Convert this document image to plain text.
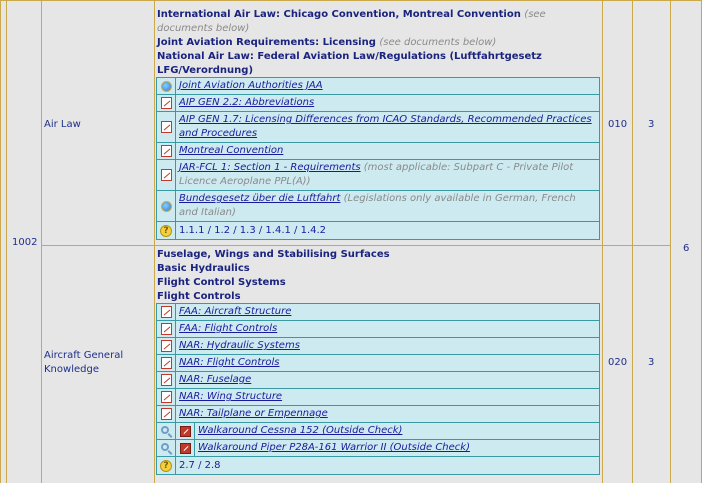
1002
Air Law
Aircraft General Knowledge
010
020
3
3
6
International Air Law: Chicago Convention, Montreal Convention (see documents below)
Joint Aviation Requirements: Licensing (see documents below)
National Air Law: Federal Aviation Law/Regulations (Luftfahrtgesetz LFG/Verordnung)
Joint Aviation Authorities JAA
AIP GEN 2.2: Abbreviations
AIP GEN 1.7: Licensing Differences from ICAO Standards, Recommended Practices and Procedures
Montreal Convention
JAR-FCL 1: Section 1 - Requirements (most applicable: Subpart C - Private Pilot Licence Aeroplane PPL(A))
Bundesgesetz über die Luftfahrt (Legislations only available in German, French and Italian)
?	1.1.1 / 1.2 / 1.3 / 1.4.1 / 1.4.2
Fuselage, Wings and Stabilising Surfaces
Basic Hydraulics
Flight Control Systems
Flight Controls
FAA: Aircraft Structure
FAA: Flight Controls
NAR: Hydraulic Systems
NAR: Flight Controls
NAR: Fuselage
NAR: Wing Structure
NAR: Tailplane or Empennage
Walkaround Cessna 152 (Outside Check)
Walkaround Piper P28A-161 Warrior II (Outside Check)
?	2.7 / 2.8
